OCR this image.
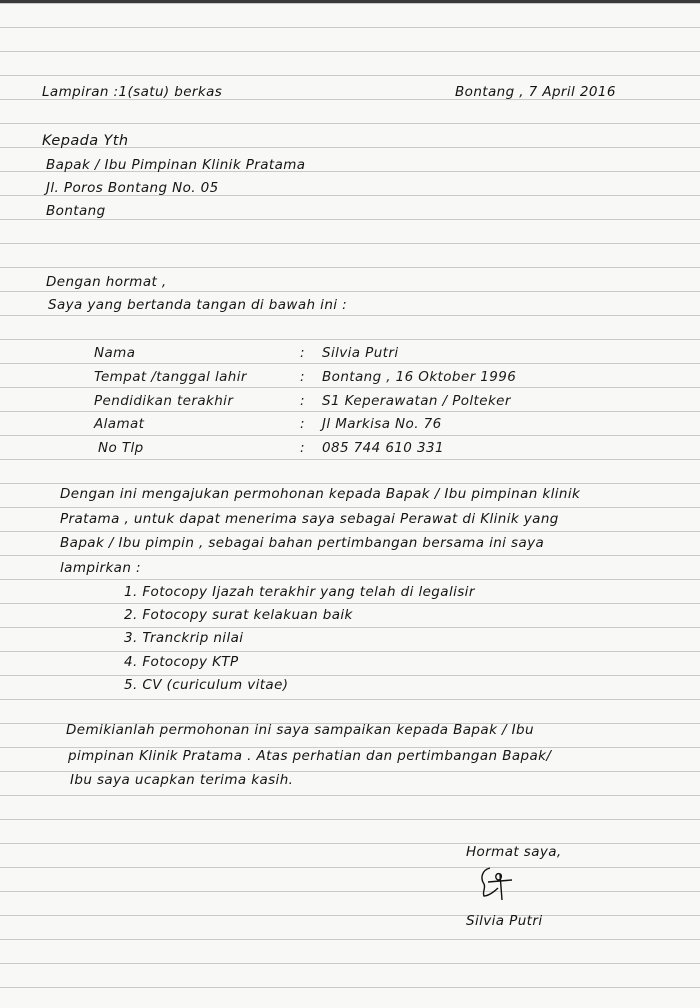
Lampiran :1(satu) berkas	Bontang , 7 April 2016
Kepada Yth
Bapak / Ibu Pimpinan Klinik Pratama
Jl. Poros Bontang No. 05
Bontang
Dengan hormat ,
Saya yang bertanda tangan di bawah ini :
Nama	: Silvia Putri
Tempat /tanggal lahir	: Bontang , 16 Oktober 1996
Pendidikan terakhir	: S1 Keperawatan / Polteker
Alamat	: Jl Markisa No. 76
No Tlp	: 085 744 610 331
Dengan ini mengajukan permohonan kepada Bapak / Ibu pimpinan klinik
Pratama , untuk dapat menerima saya sebagai Perawat di Klinik yang
Bapak / Ibu pimpin , sebagai bahan pertimbangan bersama ini saya
lampirkan :
1. Fotocopy Ijazah terakhir yang telah di legalisir
2. Fotocopy surat kelakuan baik
3. Tranckrip nilai
4. Fotocopy KTP
5. CV (curiculum vitae)
Demikianlah permohonan ini saya sampaikan kepada Bapak / Ibu
pimpinan Klinik Pratama . Atas perhatian dan pertimbangan Bapak/
Ibu saya ucapkan terima kasih.
Hormat saya,
Silvia Putri
